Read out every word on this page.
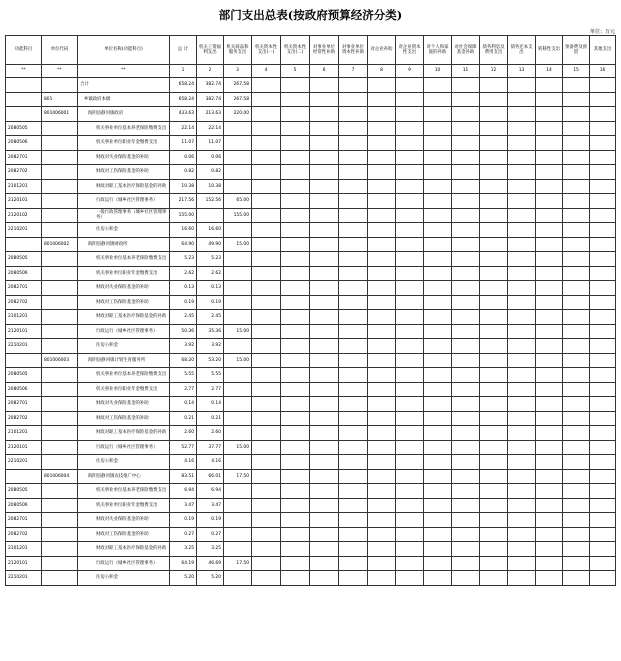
部门支出总表(按政府预算经济分类)
单位：万元
功能科目	单位代码	单位名称(功能科目)	总 计	机关工资福利支出	机关商品和服务支出	机关资本性支出(一)	机关资本性支出(二)	对事业单位经常性补助	对事业单位资本性补助	对企业补助	对企业资本性支出	对个人和家庭的补助	对社会保障基金补助	债务利息及费用支出	债务还本支出	转移性支出	预备费及预留	其他支出
**	**	**	1	2	3	4	5	6	7	8	9	10	11	12	13	14	15	16
		合计	658.24	382.74	267.58													
	801	乡镇政府本级	658.24	382.74	267.58													
	801006001	海阴县静河镇政府	433.63	213.63	220.00													
2080505		机关事业单位基本养老保险缴费支出	22.14	22.14														
2080506		机关事业单位职业年金缴费支出	11.07	11.07														
2082701		财政对失业保险基金的补助	0.06	0.06														
2082702		财政对工伤保险基金的补助	0.82	0.82														
2101201		财政对职工基本医疗保险基金的补助	10.38	10.38														
2120101		行政运行（城乡社区管理事务）	217.56	152.56	65.00													
2120102		一般行政管理事务（城乡社区管理事务）	155.00		155.00													
2210201		住房公积金	16.60	16.60														
	801006002	海阴县静河镇财政所	64.90	49.90	15.00													
2080505		机关事业单位基本养老保险缴费支出	5.23	5.23														
2080506		机关事业单位职业年金缴费支出	2.62	2.62														
2082701		财政对失业保险基金的补助	0.13	0.13														
2082702		财政对工伤保险基金的补助	0.19	0.19														
2101201		财政对职工基本医疗保险基金的补助	2.45	2.45														
2120101		行政运行（城乡社区管理事务）	50.36	35.36	15.00													
2210201		住房公积金	3.92	3.92														
	801006003	海阴县静河镇计划生育服务所	68.20	53.20	15.00													
2080505		机关事业单位基本养老保险缴费支出	5.55	5.55														
2080506		机关事业单位职业年金缴费支出	2.77	2.77														
2082701		财政对失业保险基金的补助	0.14	0.14														
2082702		财政对工伤保险基金的补助	0.21	0.21														
2101201		财政对职工基本医疗保险基金的补助	2.60	2.60														
2120101		行政运行（城乡社区管理事务）	52.77	37.77	15.00													
2210201		住房公积金	4.16	4.16														
	801006004	海阴县静河镇农技推广中心	83.51	66.01	17.50													
2080505		机关事业单位基本养老保险缴费支出	6.94	6.94														
2080506		机关事业单位职业年金缴费支出	3.47	3.47														
2082701		财政对失业保险基金的补助	0.19	0.19														
2082702		财政对工伤保险基金的补助	0.27	0.27														
2101201		财政对职工基本医疗保险基金的补助	3.25	3.25														
2120101		行政运行（城乡社区管理事务）	64.19	46.69	17.50													
2210201		住房公积金	5.20	5.20														
